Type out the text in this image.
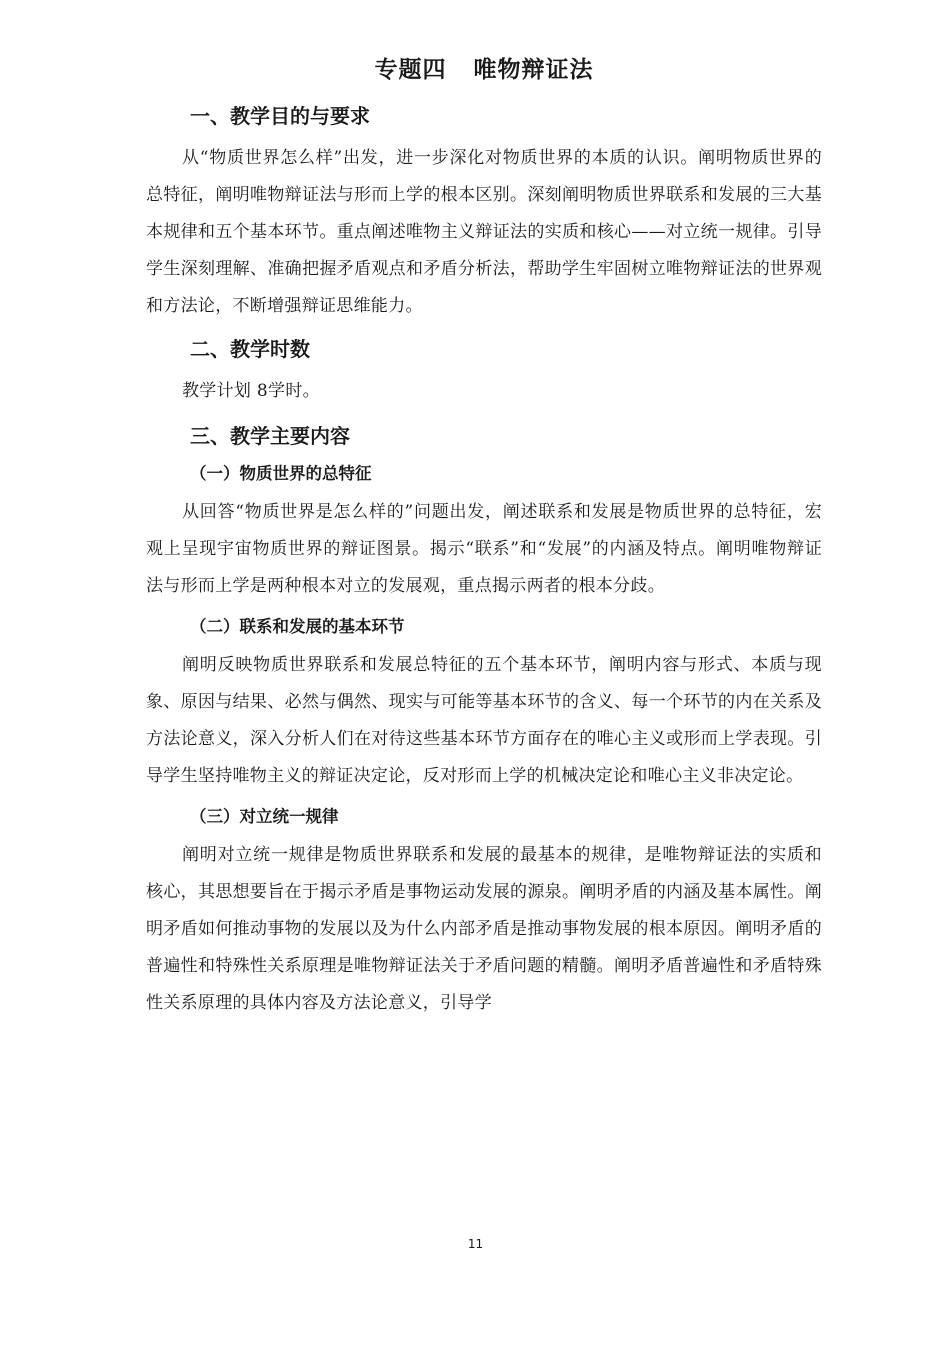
专题四   唯物辩证法
一、教学目的与要求

从“物质世界怎么样”出发，进一步深化对物质世界的本质的认识。阐明物质世界的总特征，阐明唯物辩证法与形而上学的根本区别。深刻阐明物质世界联系和发展的三大基本规律和五个基本环节。重点阐述唯物主义辩证法的实质和核心——对立统一规律。引导学生深刻理解、准确把握矛盾观点和矛盾分析法，帮助学生牢固树立唯物辩证法的世界观和方法论，不断增强辩证思维能力。

二、教学时数

教学计划 8学时。

三、教学主要内容
（一）物质世界的总特征

从回答“物质世界是怎么样的”问题出发，阐述联系和发展是物质世界的总特征，宏观上呈现宇宙物质世界的辩证图景。揭示“联系”和“发展”的内涵及特点。阐明唯物辩证法与形而上学是两种根本对立的发展观，重点揭示两者的根本分歧。

（二）联系和发展的基本环节

阐明反映物质世界联系和发展总特征的五个基本环节，阐明内容与形式、本质与现象、原因与结果、必然与偶然、现实与可能等基本环节的含义、每一个环节的内在关系及方法论意义，深入分析人们在对待这些基本环节方面存在的唯心主义或形而上学表现。引导学生坚持唯物主义的辩证决定论，反对形而上学的机械决定论和唯心主义非决定论。

（三）对立统一规律

阐明对立统一规律是物质世界联系和发展的最基本的规律，是唯物辩证法的实质和核心，其思想要旨在于揭示矛盾是事物运动发展的源泉。阐明矛盾的内涵及基本属性。阐明矛盾如何推动事物的发展以及为什么内部矛盾是推动事物发展的根本原因。阐明矛盾的普遍性和特殊性关系原理是唯物辩证法关于矛盾问题的精髓。阐明矛盾普遍性和矛盾特殊性关系原理的具体内容及方法论意义，引导学

11
